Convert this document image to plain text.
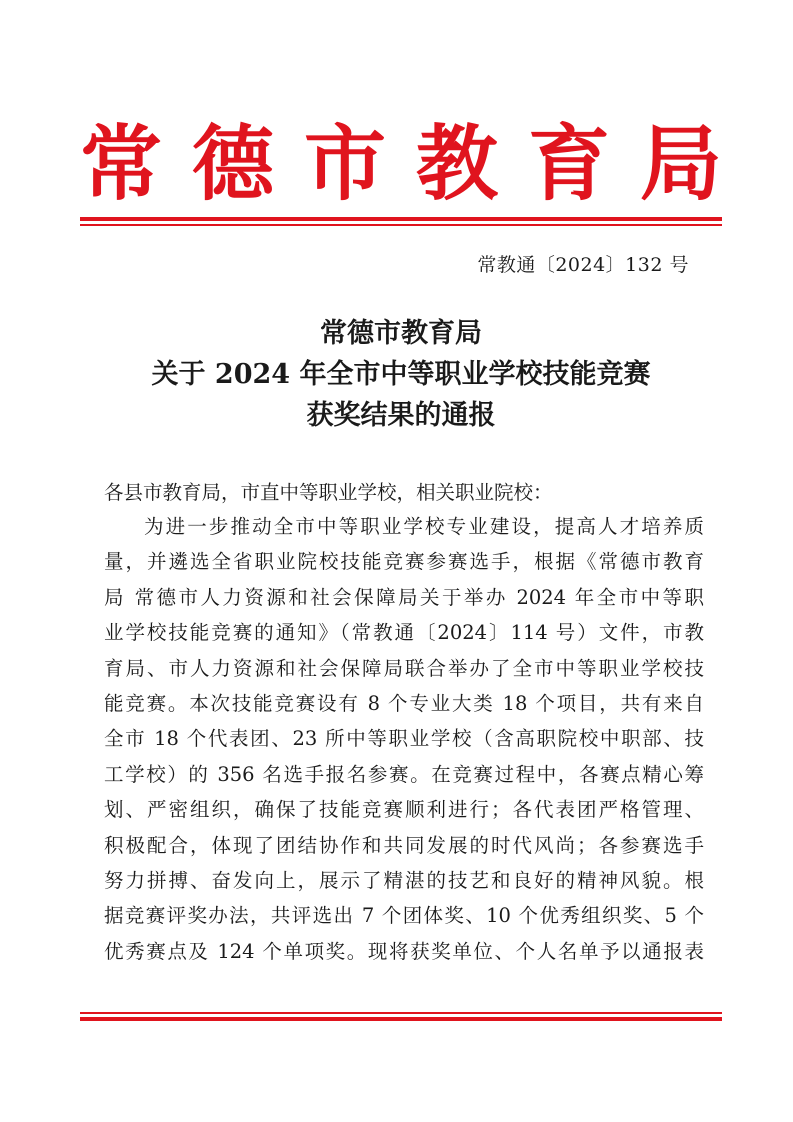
常 德 市 教 育 局
常教通〔2024〕132 号
常德市教育局
关于 2024 年全市中等职业学校技能竞赛
获奖结果的通报
各县市教育局，市直中等职业学校，相关职业院校：
为进一步推动全市中等职业学校专业建设，提高人才培养质
量，并遴选全省职业院校技能竞赛参赛选手，根据《常德市教育
局 常德市人力资源和社会保障局关于举办 2024 年全市中等职
业学校技能竞赛的通知》（常教通〔2024〕114 号）文件，市教
育局、市人力资源和社会保障局联合举办了全市中等职业学校技
能竞赛。本次技能竞赛设有 8 个专业大类 18 个项目，共有来自
全市 18 个代表团、23 所中等职业学校（含高职院校中职部、技
工学校）的 356 名选手报名参赛。在竞赛过程中，各赛点精心筹
划、严密组织，确保了技能竞赛顺利进行；各代表团严格管理、
积极配合，体现了团结协作和共同发展的时代风尚；各参赛选手
努力拼搏、奋发向上，展示了精湛的技艺和良好的精神风貌。根
据竞赛评奖办法，共评选出 7 个团体奖、10 个优秀组织奖、5 个
优秀赛点及 124 个单项奖。现将获奖单位、个人名单予以通报表
